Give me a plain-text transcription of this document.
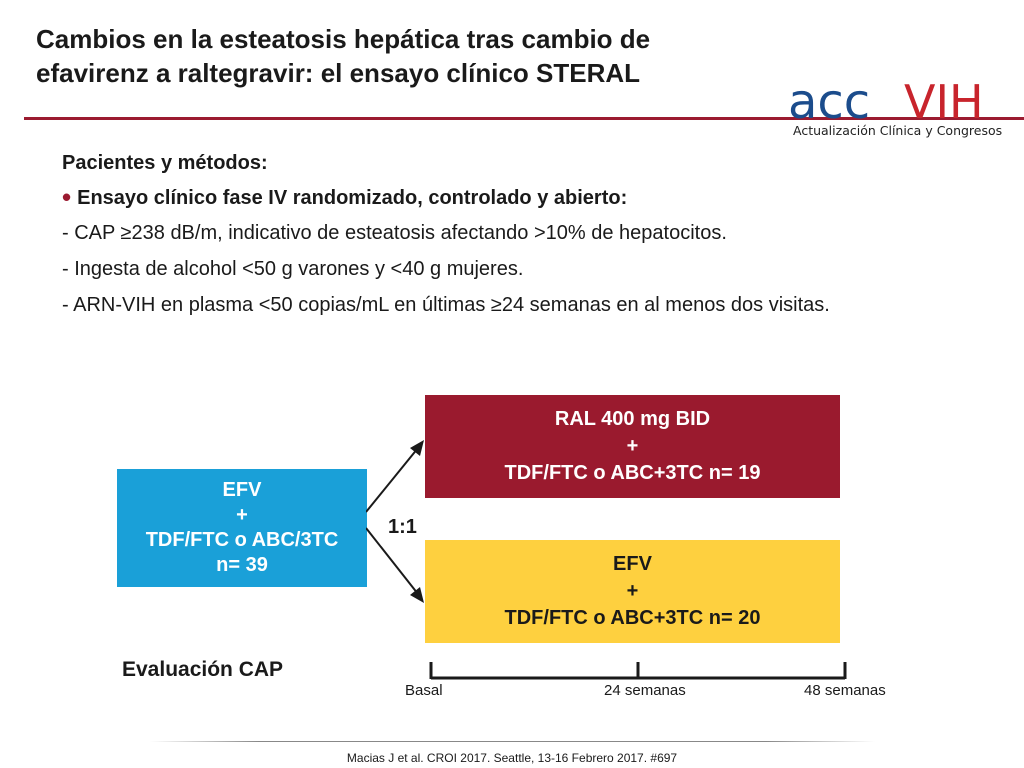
Cambios en la esteatosis hepática tras cambio de
efavirenz a raltegravir: el ensayo clínico STERAL
acc VIH
Actualización Clínica y Congresos
Pacientes y métodos:
• Ensayo clínico fase IV randomizado, controlado y abierto:
- CAP ≥238 dB/m, indicativo de esteatosis afectando >10% de hepatocitos.
- Ingesta de alcohol <50 g varones y <40 g mujeres.
- ARN-VIH en plasma <50 copias/mL en últimas ≥24 semanas en al menos dos visitas.
EFV
+
TDF/FTC o ABC/3TC
n= 39
1:1
RAL 400 mg BID
+
TDF/FTC o ABC+3TC n= 19
EFV
+
TDF/FTC o ABC+3TC n= 20
Evaluación CAP
Basal	24 semanas	48 semanas
Macias J et al. CROI 2017. Seattle, 13-16 Febrero 2017. #697
